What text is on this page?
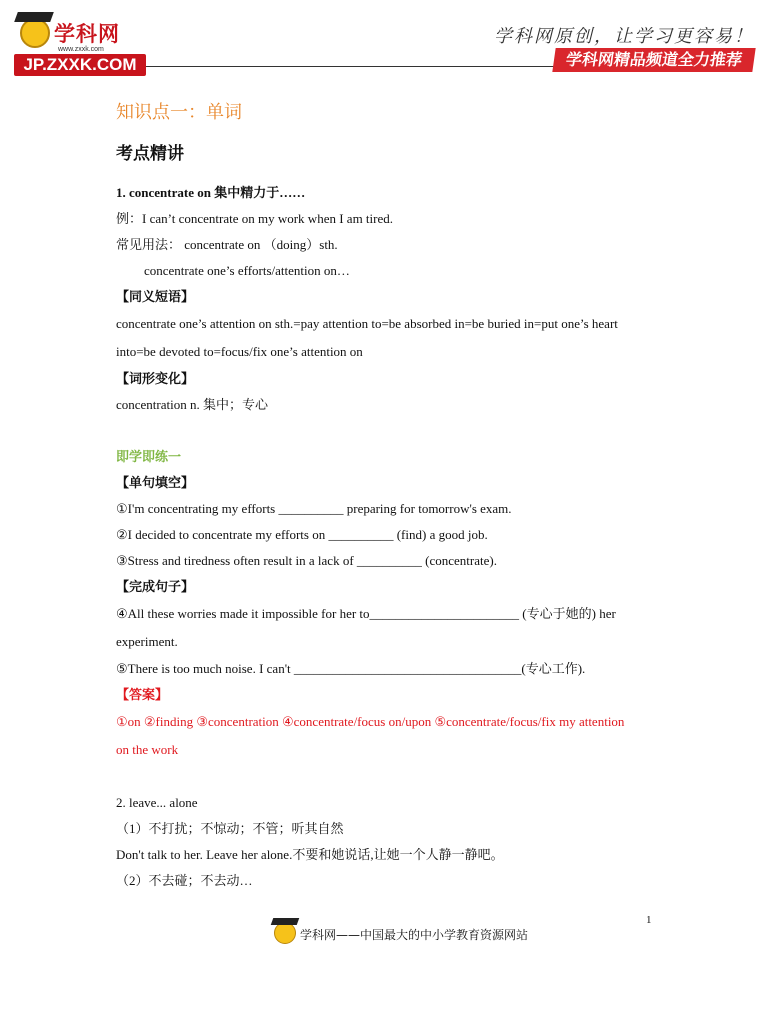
学科网
www.zxxk.com
JP.ZXXK.COM
学科网原创，让学习更容易！
学科网精品频道全力推荐
知识点一：单词
考点精讲

1. concentrate on 集中精力于……

例：I can’t concentrate on my work when I am tired.

常见用法： concentrate on （doing）sth.

concentrate one’s efforts/attention on…

【同义短语】

concentrate one’s attention on sth.=pay attention to=be absorbed in=be buried in=put one’s heart

into=be devoted to=focus/fix one’s attention on

【词形变化】

concentration n. 集中；专心

即学即练一

【单句填空】

①I'm concentrating my efforts __________ preparing for tomorrow's exam.

②I decided to concentrate my efforts on __________ (find) a good job.

③Stress and tiredness often result in a lack of __________ (concentrate).

【完成句子】

④All these worries made it impossible for her to_______________________ (专心于她的) her

experiment.

⑤There is too much noise. I can't ___________________________________(专心工作).

【答案】

①on ②finding ③concentration ④concentrate/focus on/upon ⑤concentrate/focus/fix my attention

on the work

2. leave... alone

（1）不打扰；不惊动；不管；听其自然

Don't talk to her. Leave her alone.不要和她说话,让她一个人静一静吧。

（2）不去碰；不去动…

1
学科网——中国最大的中小学教育资源网站
